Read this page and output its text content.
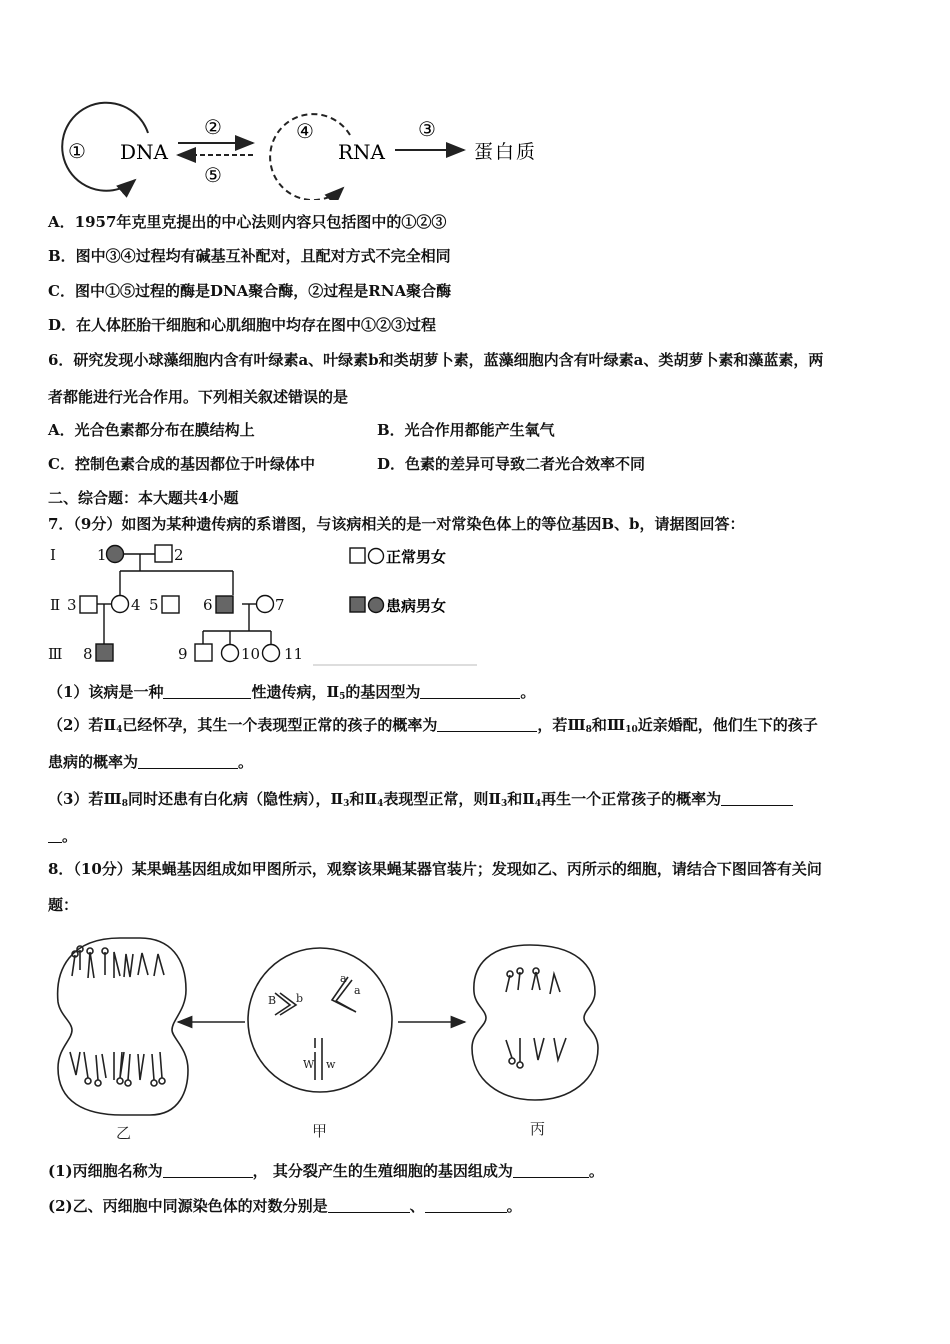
① DNA
②
⑤
④
RNA
③
蛋白质
A．1957年克里克提出的中心法则内容只包括图中的①②③
B．图中③④过程均有碱基互补配对，且配对方式不完全相同
C．图中①⑤过程的酶是DNA聚合酶，②过程是RNA聚合酶
D．在人体胚胎干细胞和心肌细胞中均存在图中①②③过程
6．研究发现小球藻细胞内含有叶绿素a、叶绿素b和类胡萝卜素，蓝藻细胞内含有叶绿素a、类胡萝卜素和藻蓝素，两
者都能进行光合作用。下列相关叙述错误的是
A．光合色素都分布在膜结构上	B．光合作用都能产生氧气
C．控制色素合成的基因都位于叶绿体中	D．色素的差异可导致二者光合效率不同
二、综合题：本大题共4小题
7．（9分）如图为某种遗传病的系谱图，与该病相关的是一对常染色体上的等位基因B、b，请据图回答：
Ⅰ
Ⅱ
Ⅲ
1	2
3	4 5	6	7
8	9	10 11
正常男女
患病男女
（1）该病是一种	性遗传病，$Ⅱ_5$的基因型为	。
（2）若$Ⅱ_4$已经怀孕，其生一个表现型正常的孩子的概率为	，若$Ⅲ_8$和$Ⅲ_{10}$近亲婚配，他们生下的孩子
患病的概率为	。
（3）若$Ⅲ_8$同时还患有白化病（隐性病），$Ⅱ_3$和$Ⅱ_4$表现型正常，则$Ⅱ_3$和$Ⅱ_4$再生一个正常孩子的概率为
。
8．（10分）某果蝇基因组成如甲图所示，观察该果蝇某器官装片；发现如乙、丙所示的细胞，请结合下图回答有关问
题：
B b
a
a
W w
乙	甲	丙
(1)丙细胞名称为	， 其分裂产生的生殖细胞的基因组成为	。
(2)乙、丙细胞中同源染色体的对数分别是	、	。
